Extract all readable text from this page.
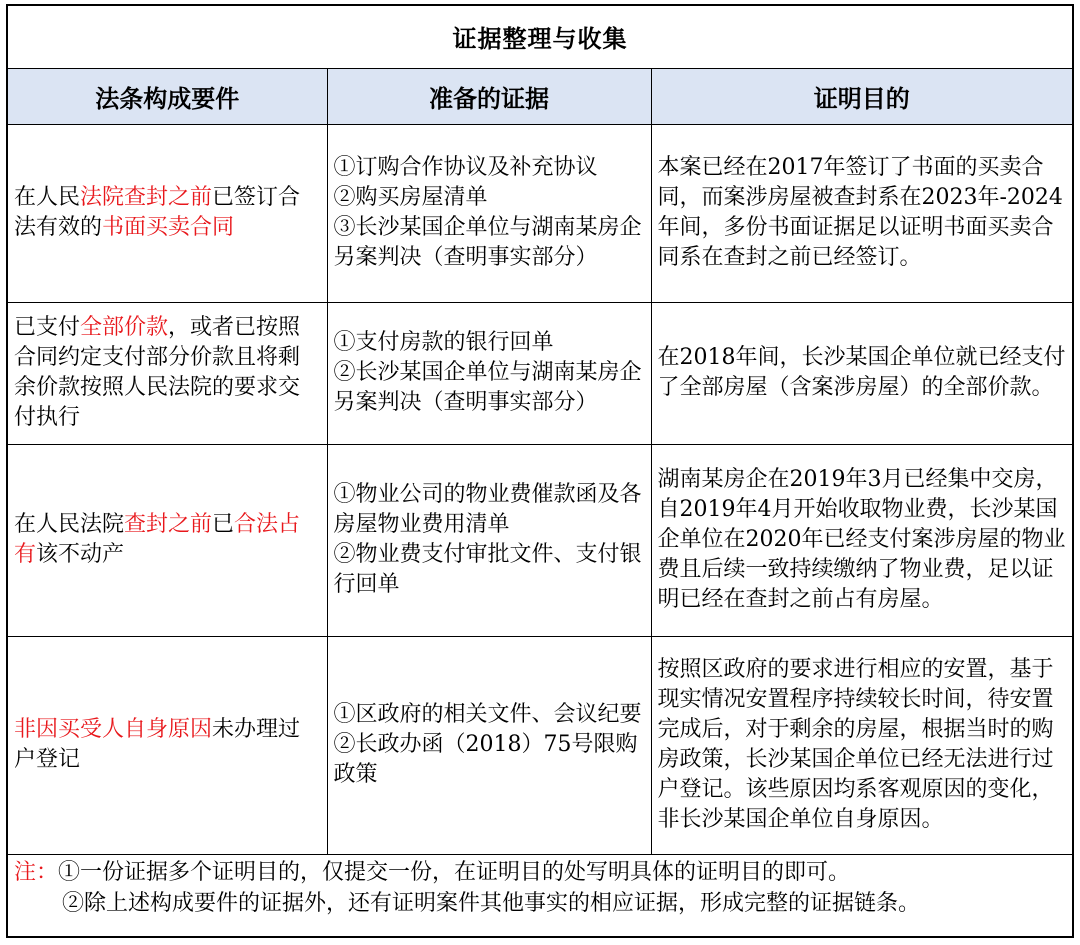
证据整理与收集		
法条构成要件	准备的证据	证明目的
在人民法院查封之前已签订合法有效的书面买卖合同	①订购合作协议及补充协议
②购买房屋清单
③长沙某国企单位与湖南某房企另案判决（查明事实部分）	本案已经在2017年签订了书面的买卖合同，而案涉房屋被查封系在2023年-2024年间，多份书面证据足以证明书面买卖合同系在查封之前已经签订。
已支付全部价款，或者已按照合同约定支付部分价款且将剩余价款按照人民法院的要求交付执行	①支付房款的银行回单
②长沙某国企单位与湖南某房企另案判决（查明事实部分）	在2018年间，长沙某国企单位就已经支付了全部房屋（含案涉房屋）的全部价款。
在人民法院查封之前已合法占有该不动产	①物业公司的物业费催款函及各房屋物业费用清单
②物业费支付审批文件、支付银行回单	湖南某房企在2019年3月已经集中交房，自2019年4月开始收取物业费，长沙某国企单位在2020年已经支付案涉房屋的物业费且后续一致持续缴纳了物业费，足以证明已经在查封之前占有房屋。
非因买受人自身原因未办理过户登记	①区政府的相关文件、会议纪要
②长政办函（2018）75号限购政策	按照区政府的要求进行相应的安置，基于现实情况安置程序持续较长时间，待安置完成后，对于剩余的房屋，根据当时的购房政策，长沙某国企单位已经无法进行过户登记。该些原因均系客观原因的变化，非长沙某国企单位自身原因。
注：①一份证据多个证明目的，仅提交一份，在证明目的处写明具体的证明目的即可。
②除上述构成要件的证据外，还有证明案件其他事实的相应证据，形成完整的证据链条。		
